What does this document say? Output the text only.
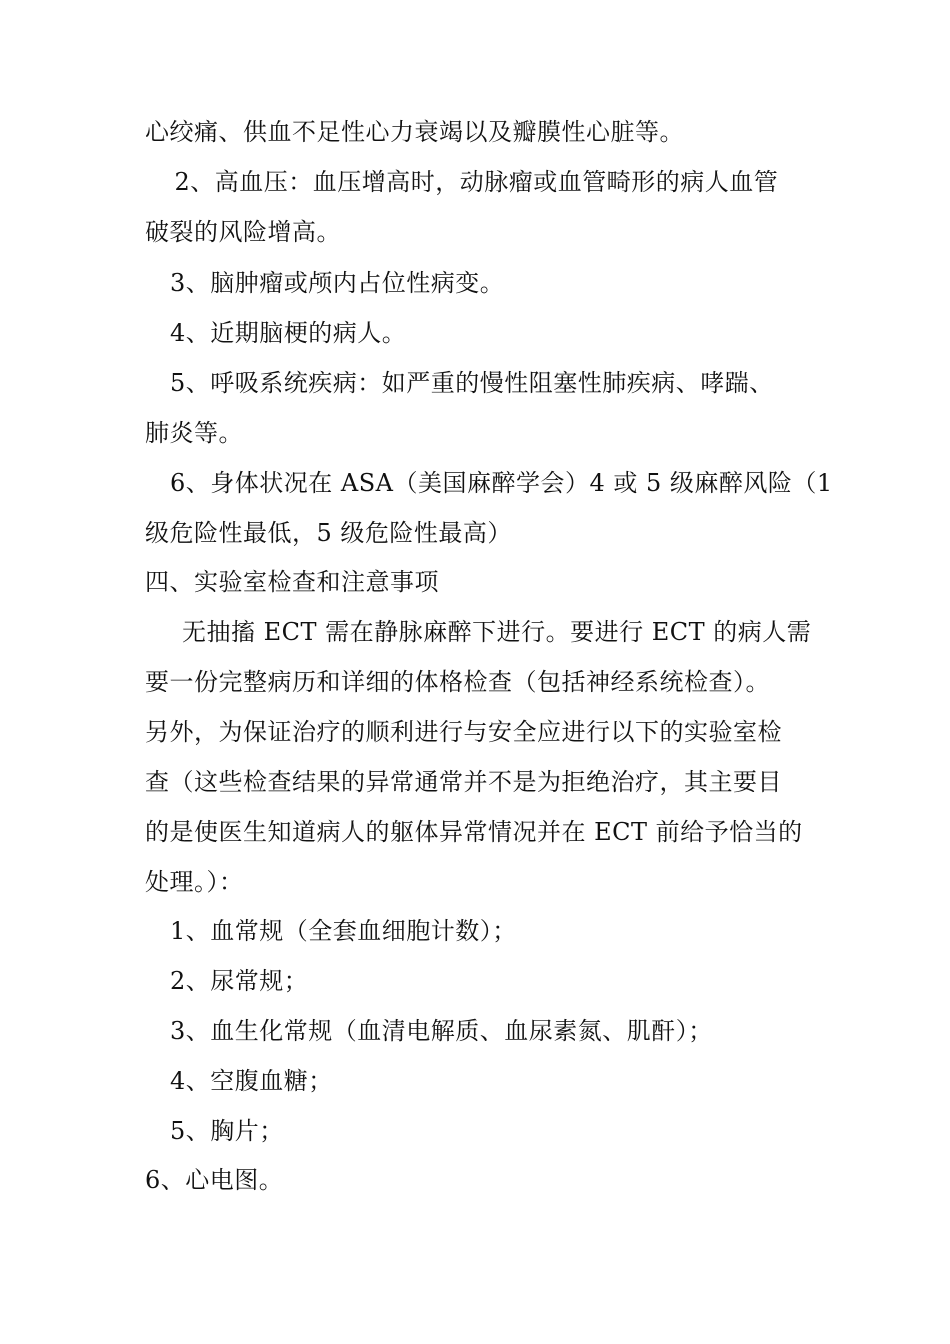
心绞痛、供血不足性心力衰竭以及瓣膜性心脏等。
　2、高血压：血压增高时，动脉瘤或血管畸形的病人血管
破裂的风险增高。
3、脑肿瘤或颅内占位性病变。
4、近期脑梗的病人。
5、呼吸系统疾病：如严重的慢性阻塞性肺疾病、哮踹、
肺炎等。
6、身体状况在 ASA（美国麻醉学会）4 或 5 级麻醉风险（1
级危险性最低，5 级危险性最高）
四、实验室检查和注意事项
无抽搐 ECT 需在静脉麻醉下进行。要进行 ECT 的病人需
要一份完整病历和详细的体格检查（包括神经系统检查）。
另外，为保证治疗的顺利进行与安全应进行以下的实验室检
查（这些检查结果的异常通常并不是为拒绝治疗，其主要目
的是使医生知道病人的躯体异常情况并在 ECT 前给予恰当的
处理。）：
1、血常规（全套血细胞计数）；
2、尿常规；
3、血生化常规（血清电解质、血尿素氮、肌酐）；
4、空腹血糖；
5、胸片；
6、心电图。
